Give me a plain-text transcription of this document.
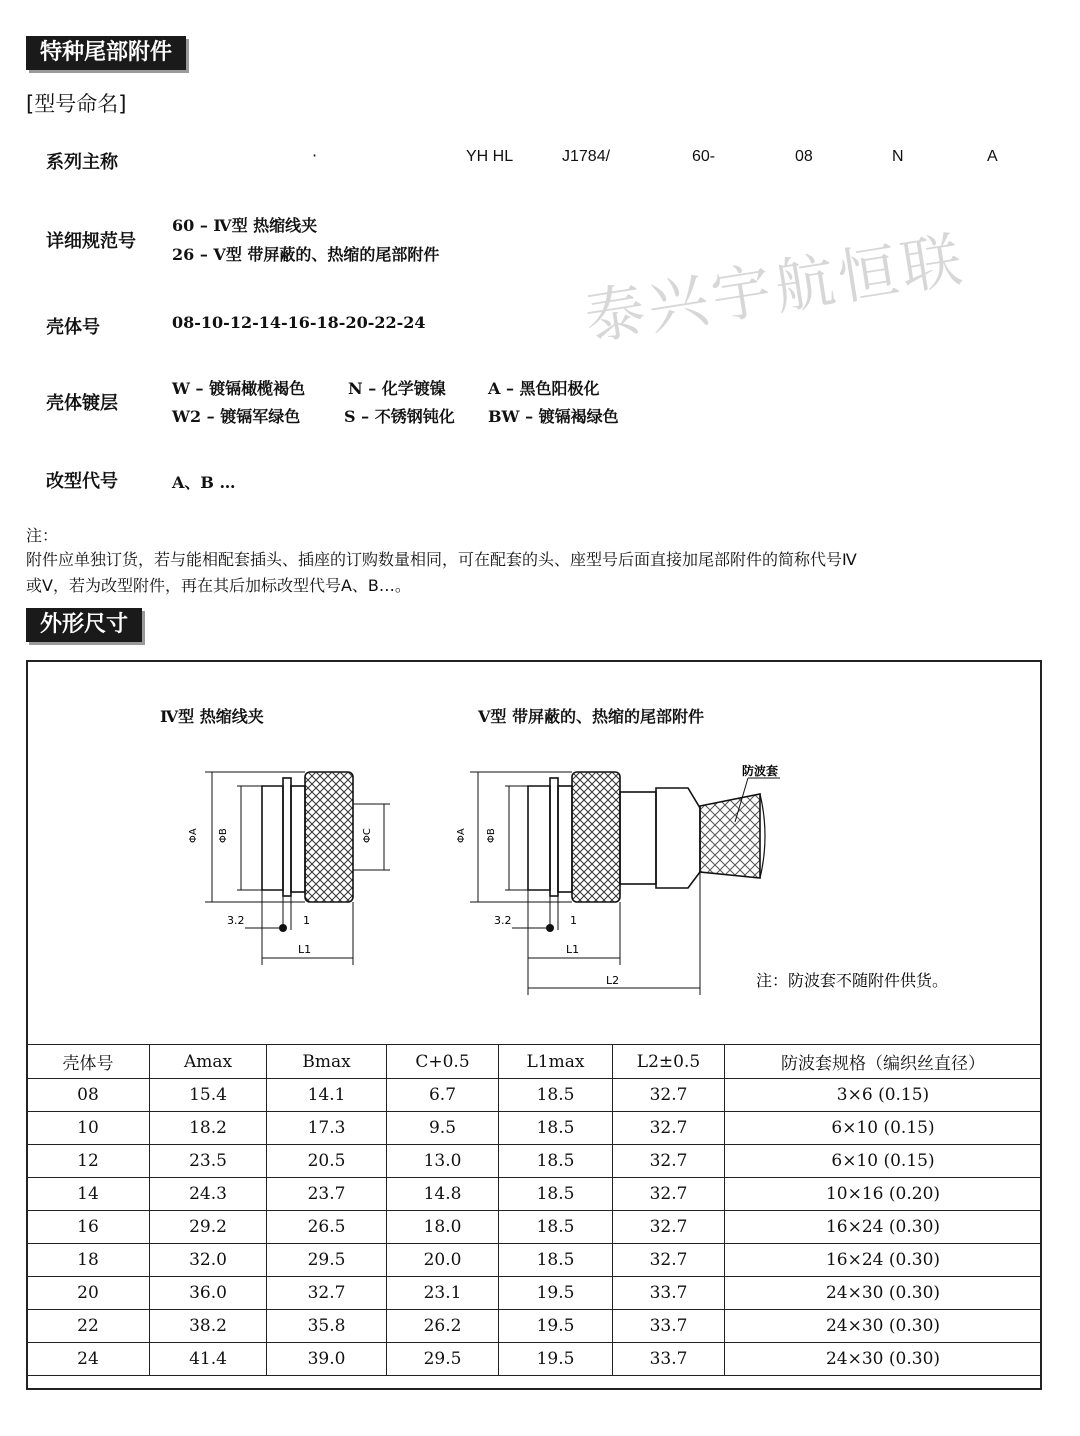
特种尾部附件
[型号命名]
系列主称	·	YH HL	J1784/	60-	08	N	A
详细规范号
60 – Ⅳ型 热缩线夹
26 – Ⅴ型 带屏蔽的、热缩的尾部附件
壳体号	08-10-12-14-16-18-20-22-24
壳体镀层
W – 镀镉橄榄褐色	N – 化学镀镍	A – 黑色阳极化
W2 – 镀镉军绿色	S – 不锈钢钝化 BW – 镀镉褐绿色
改型代号	A、B …
注：
附件应单独订货，若与能相配套插头、插座的订购数量相同，可在配套的头、座型号后面直接加尾部附件的简称代号Ⅳ
或Ⅴ，若为改型附件，再在其后加标改型代号A、B…。
泰兴宇航恒联
外形尺寸
Ⅳ型 热缩线夹	Ⅴ型 带屏蔽的、热缩的尾部附件
ΦA ΦB	ΦC
3.2	1
L1
ΦA ΦB
3.2	1
L1
L2
防波套
注：防波套不随附件供货。
壳体号	Amax	Bmax	C+0.5	L1max	L2±0.5	防波套规格（编织丝直径）
08	15.4	14.1	6.7	18.5	32.7	3×6 (0.15)
10	18.2	17.3	9.5	18.5	32.7	6×10 (0.15)
12	23.5	20.5	13.0	18.5	32.7	6×10 (0.15)
14	24.3	23.7	14.8	18.5	32.7	10×16 (0.20)
16	29.2	26.5	18.0	18.5	32.7	16×24 (0.30)
18	32.0	29.5	20.0	18.5	32.7	16×24 (0.30)
20	36.0	32.7	23.1	19.5	33.7	24×30 (0.30)
22	38.2	35.8	26.2	19.5	33.7	24×30 (0.30)
24	41.4	39.0	29.5	19.5	33.7	24×30 (0.30)
